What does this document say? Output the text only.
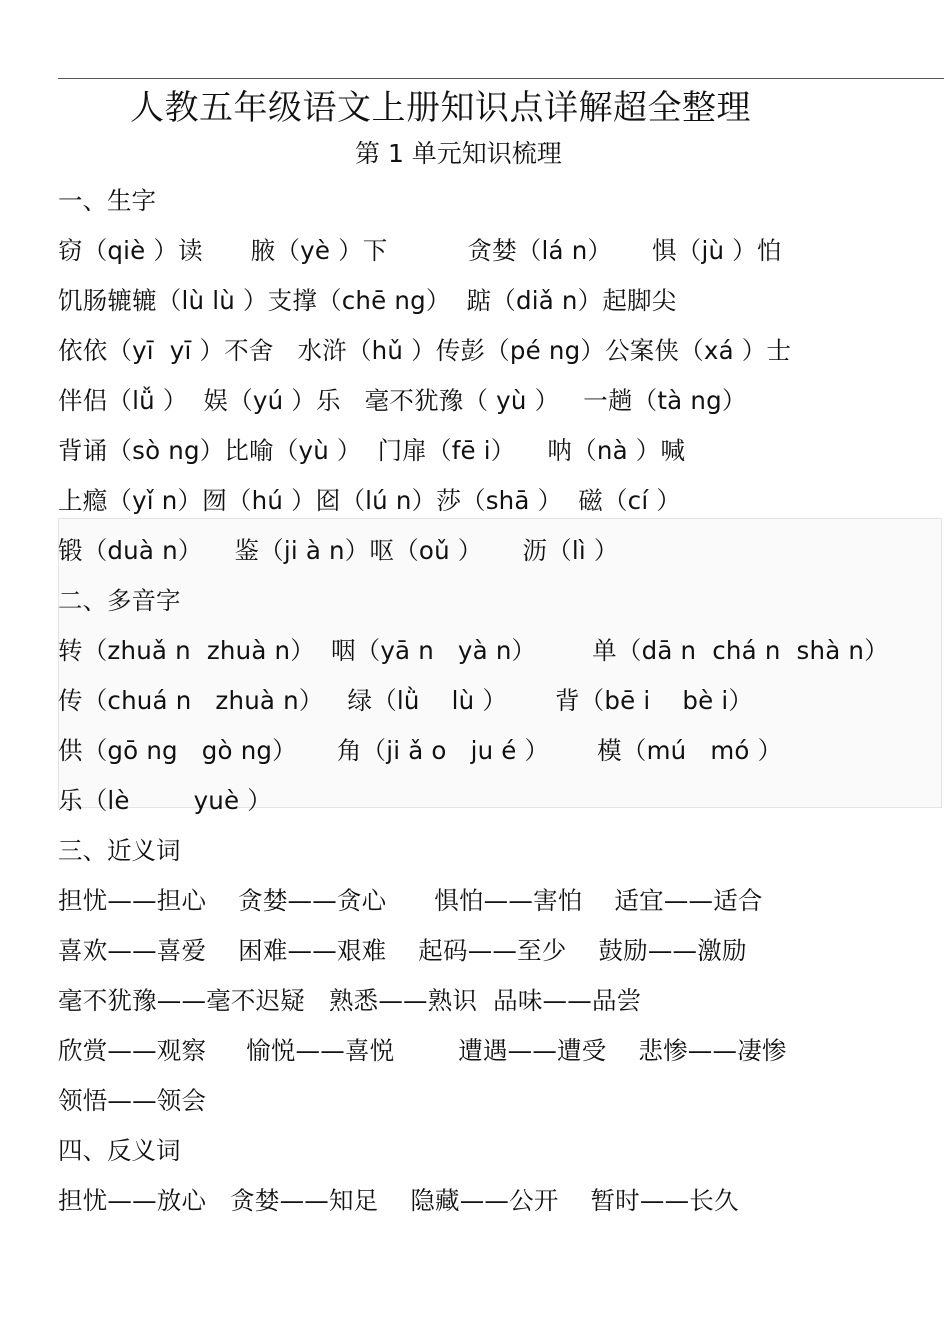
人教五年级语文上册知识点详解超全整理
第 1 单元知识梳理
一、生字
窃（qiè ）读      腋（yè ）下          贪婪（lá n）     惧（jù ）怕
饥肠辘辘（lù lù ）支撑（chē ng）  踮（diǎ n）起脚尖
依依（yī  yī ）不舍   水浒（hǔ ）传彭（pé ng）公案侠（xá ）士
伴侣（lǚ ）  娱（yú ）乐   毫不犹豫（ yù ）   一趟（tà ng）
背诵（sò ng）比喻（yù ）  门扉（fē i）    呐（nà ）喊
上瘾（yǐ n）囫（hú ）囵（lú n）莎（shā ）  磁（cí ）
锻（duà n）    鉴（ji à n）呕（oǔ ）     沥（lì ）
二、多音字
转（zhuǎ n  zhuà n）  咽（yā n   yà n）       单（dā n  chá n  shà n）
传（chuá n   zhuà n）   绿（lǜ    lù ）      背（bē i    bè i）
供（gō ng   gò ng）     角（ji ǎ o   ju é ）      模（mú   mó ）
乐（lè        yuè ）
三、近义词
担忧——担心    贪婪——贪心      惧怕——害怕    适宜——适合
喜欢——喜爱    困难——艰难    起码——至少    鼓励——激励
毫不犹豫——毫不迟疑   熟悉——熟识  品味——品尝
欣赏——观察     愉悦——喜悦        遭遇——遭受    悲惨——凄惨
领悟——领会
四、反义词
担忧——放心   贪婪——知足    隐藏——公开    暂时——长久
